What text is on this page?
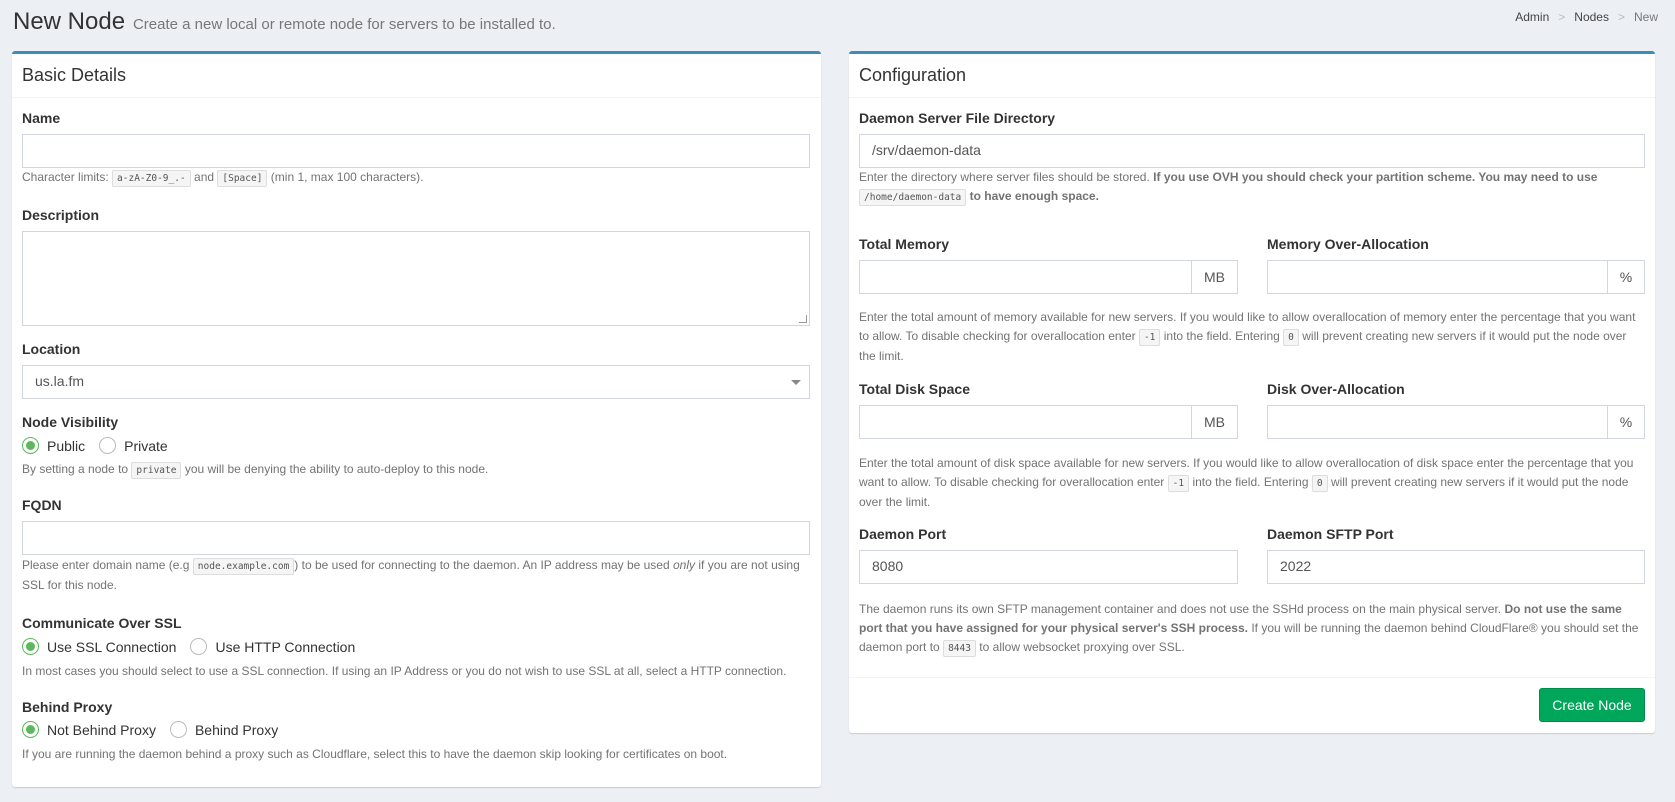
New Node Create a new local or remote node for servers to be installed to.	Admin > Nodes > New
Basic Details
Name
Character limits: a-zA-Z0-9_.- and [Space] (min 1, max 100 characters).
Description
Location
us.la.fm
Node Visibility
Public	Private
By setting a node to private you will be denying the ability to auto-deploy to this node.
FQDN
Please enter domain name (e.g node.example.com ) to be used for connecting to the daemon. An IP address may be used only if you are not using SSL for this node.
Communicate Over SSL
Use SSL Connection	Use HTTP Connection
In most cases you should select to use a SSL connection. If using an IP Address or you do not wish to use SSL at all, select a HTTP connection.
Behind Proxy
Not Behind Proxy	Behind Proxy
If you are running the daemon behind a proxy such as Cloudflare, select this to have the daemon skip looking for certificates on boot.
Configuration
Daemon Server File Directory
/srv/daemon-data
Enter the directory where server files should be stored. If you use OVH you should check your partition scheme. You may need to use /home/daemon-data to have enough space.
Total Memory
MB
Memory Over-Allocation
%
Enter the total amount of memory available for new servers. If you would like to allow overallocation of memory enter the percentage that you want to allow. To disable checking for overallocation enter -1 into the field. Entering 0 will prevent creating new servers if it would put the node over the limit.
Total Disk Space
MB
Disk Over-Allocation
%
Enter the total amount of disk space available for new servers. If you would like to allow overallocation of disk space enter the percentage that you want to allow. To disable checking for overallocation enter -1 into the field. Entering 0 will prevent creating new servers if it would put the node over the limit.
Daemon Port
8080
Daemon SFTP Port
2022
The daemon runs its own SFTP management container and does not use the SSHd process on the main physical server. Do not use the same port that you have assigned for your physical server's SSH process. If you will be running the daemon behind CloudFlare® you should set the daemon port to 8443 to allow websocket proxying over SSL.
Create Node
